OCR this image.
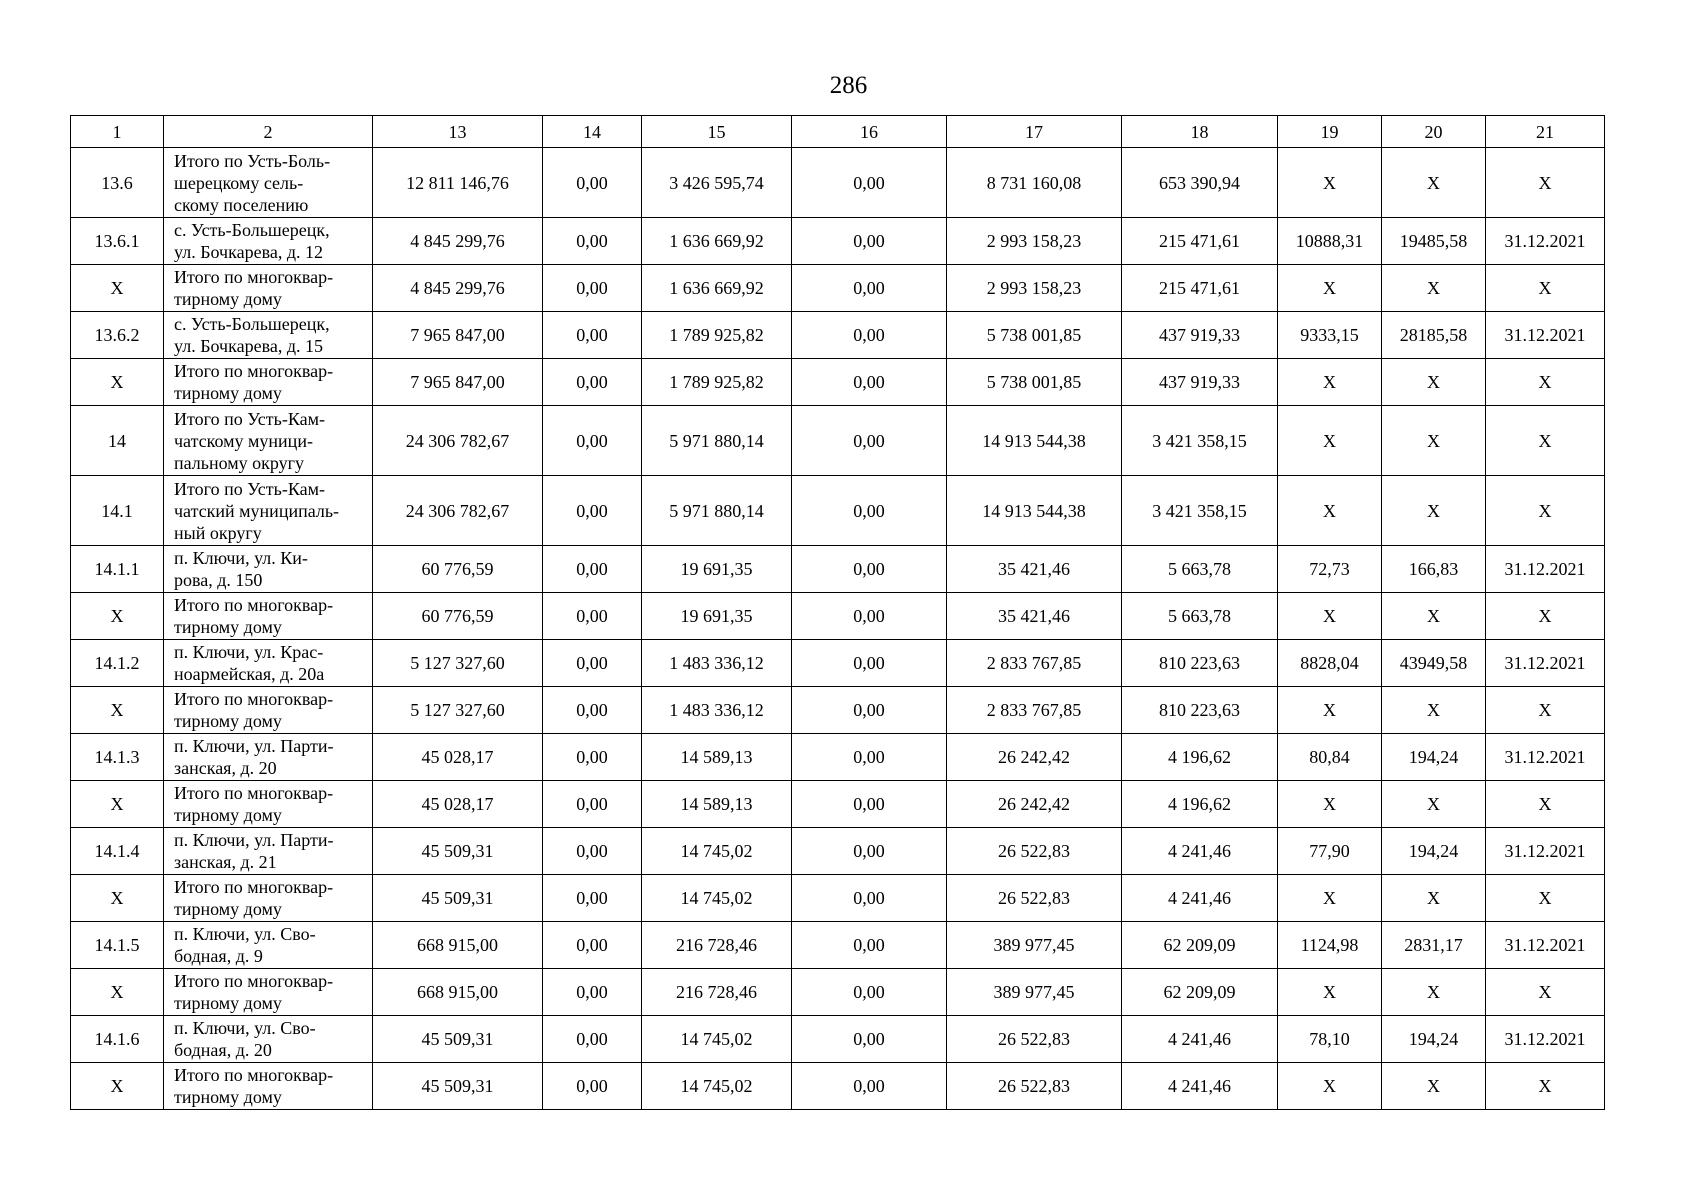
286
1	2	13	14	15	16	17	18	19	20	21
13.6	Итого по Усть-Боль-
шерецкому сель-
скому поселению	12 811 146,76	0,00	3 426 595,74	0,00	8 731 160,08	653 390,94	X	X	X
13.6.1	с. Усть-Большерецк,
ул. Бочкарева, д. 12	4 845 299,76	0,00	1 636 669,92	0,00	2 993 158,23	215 471,61	10888,31	19485,58	31.12.2021
X	Итого по многоквар-
тирному дому	4 845 299,76	0,00	1 636 669,92	0,00	2 993 158,23	215 471,61	X	X	X
13.6.2	с. Усть-Большерецк,
ул. Бочкарева, д. 15	7 965 847,00	0,00	1 789 925,82	0,00	5 738 001,85	437 919,33	9333,15	28185,58	31.12.2021
X	Итого по многоквар-
тирному дому	7 965 847,00	0,00	1 789 925,82	0,00	5 738 001,85	437 919,33	X	X	X
14	Итого по Усть-Кам-
чатскому муници-
пальному округу	24 306 782,67	0,00	5 971 880,14	0,00	14 913 544,38	3 421 358,15	X	X	X
14.1	Итого по Усть-Кам-
чатский муниципаль-
ный округу	24 306 782,67	0,00	5 971 880,14	0,00	14 913 544,38	3 421 358,15	X	X	X
14.1.1	п. Ключи, ул. Ки-
рова, д. 150	60 776,59	0,00	19 691,35	0,00	35 421,46	5 663,78	72,73	166,83	31.12.2021
X	Итого по многоквар-
тирному дому	60 776,59	0,00	19 691,35	0,00	35 421,46	5 663,78	X	X	X
14.1.2	п. Ключи, ул. Крас-
ноармейская, д. 20а	5 127 327,60	0,00	1 483 336,12	0,00	2 833 767,85	810 223,63	8828,04	43949,58	31.12.2021
X	Итого по многоквар-
тирному дому	5 127 327,60	0,00	1 483 336,12	0,00	2 833 767,85	810 223,63	X	X	X
14.1.3	п. Ключи, ул. Парти-
занская, д. 20	45 028,17	0,00	14 589,13	0,00	26 242,42	4 196,62	80,84	194,24	31.12.2021
X	Итого по многоквар-
тирному дому	45 028,17	0,00	14 589,13	0,00	26 242,42	4 196,62	X	X	X
14.1.4	п. Ключи, ул. Парти-
занская, д. 21	45 509,31	0,00	14 745,02	0,00	26 522,83	4 241,46	77,90	194,24	31.12.2021
X	Итого по многоквар-
тирному дому	45 509,31	0,00	14 745,02	0,00	26 522,83	4 241,46	X	X	X
14.1.5	п. Ключи, ул. Сво-
бодная, д. 9	668 915,00	0,00	216 728,46	0,00	389 977,45	62 209,09	1124,98	2831,17	31.12.2021
X	Итого по многоквар-
тирному дому	668 915,00	0,00	216 728,46	0,00	389 977,45	62 209,09	X	X	X
14.1.6	п. Ключи, ул. Сво-
бодная, д. 20	45 509,31	0,00	14 745,02	0,00	26 522,83	4 241,46	78,10	194,24	31.12.2021
X	Итого по многоквар-
тирному дому	45 509,31	0,00	14 745,02	0,00	26 522,83	4 241,46	X	X	X
